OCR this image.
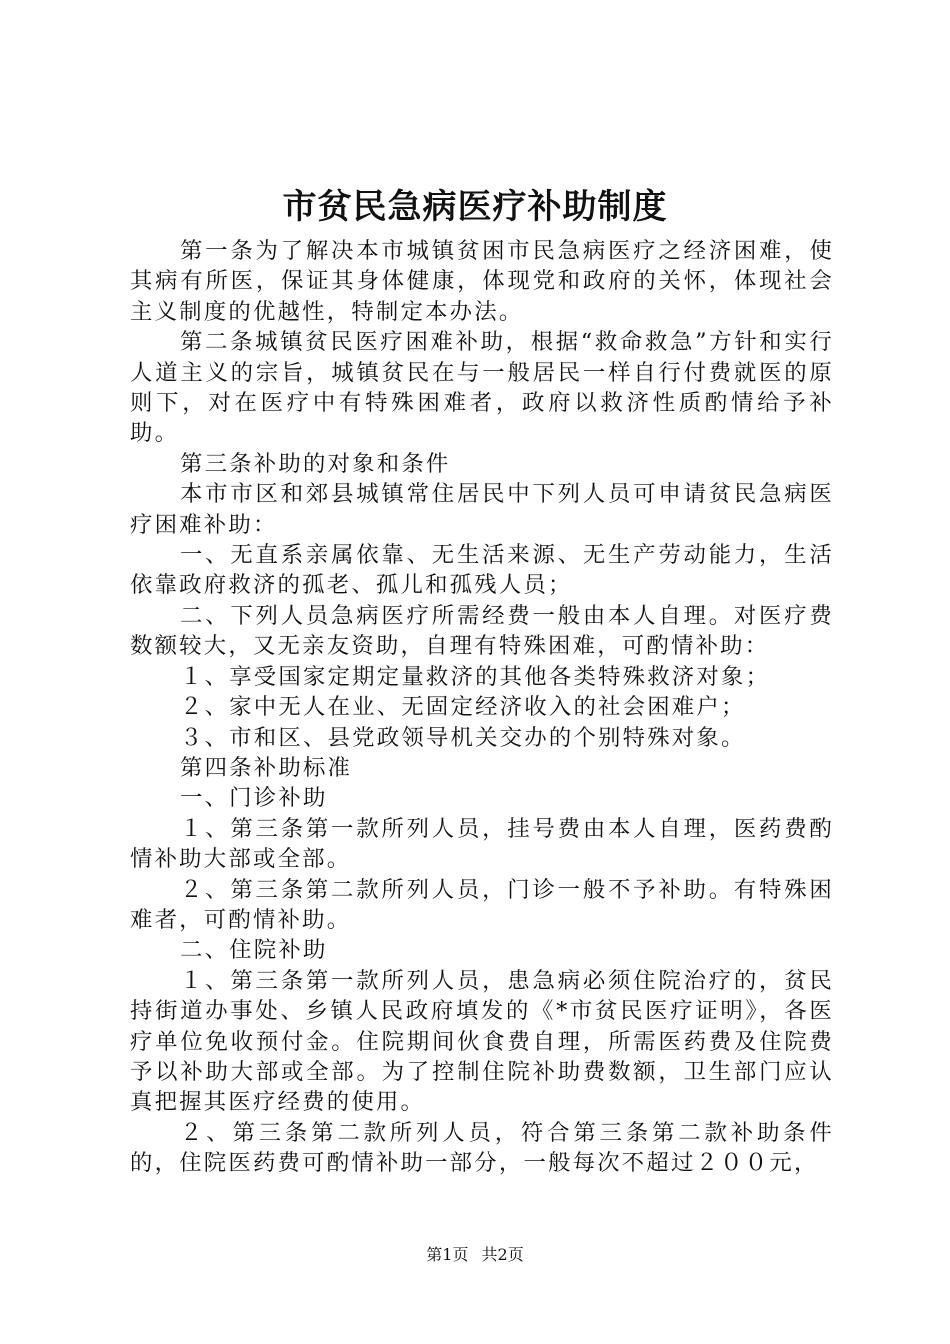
市贫民急病医疗补助制度

第一条为了解决本市城镇贫困市民急病医疗之经济困难，使其病有所医，保证其身体健康，体现党和政府的关怀，体现社会主义制度的优越性，特制定本办法。

第二条城镇贫民医疗困难补助，根据“救命救急”方针和实行人道主义的宗旨，城镇贫民在与一般居民一样自行付费就医的原则下，对在医疗中有特殊困难者，政府以救济性质酌情给予补助。

第三条补助的对象和条件

本市市区和郊县城镇常住居民中下列人员可申请贫民急病医疗困难补助：

一、无直系亲属依靠、无生活来源、无生产劳动能力，生活依靠政府救济的孤老、孤儿和孤残人员；

二、下列人员急病医疗所需经费一般由本人自理。对医疗费数额较大，又无亲友资助，自理有特殊困难，可酌情补助：

１、享受国家定期定量救济的其他各类特殊救济对象；

２、家中无人在业、无固定经济收入的社会困难户；

３、市和区、县党政领导机关交办的个别特殊对象。

第四条补助标准

一、门诊补助

１、第三条第一款所列人员，挂号费由本人自理，医药费酌情补助大部或全部。

２、第三条第二款所列人员，门诊一般不予补助。有特殊困难者，可酌情补助。

二、住院补助

１、第三条第一款所列人员，患急病必须住院治疗的，贫民持街道办事处、乡镇人民政府填发的《*市贫民医疗证明》，各医疗单位免收预付金。住院期间伙食费自理，所需医药费及住院费予以补助大部或全部。为了控制住院补助费数额，卫生部门应认真把握其医疗经费的使用。

２、第三条第二款所列人员，符合第三条第二款补助条件的，住院医药费可酌情补助一部分，一般每次不超过２００元，

第1页 共2页
